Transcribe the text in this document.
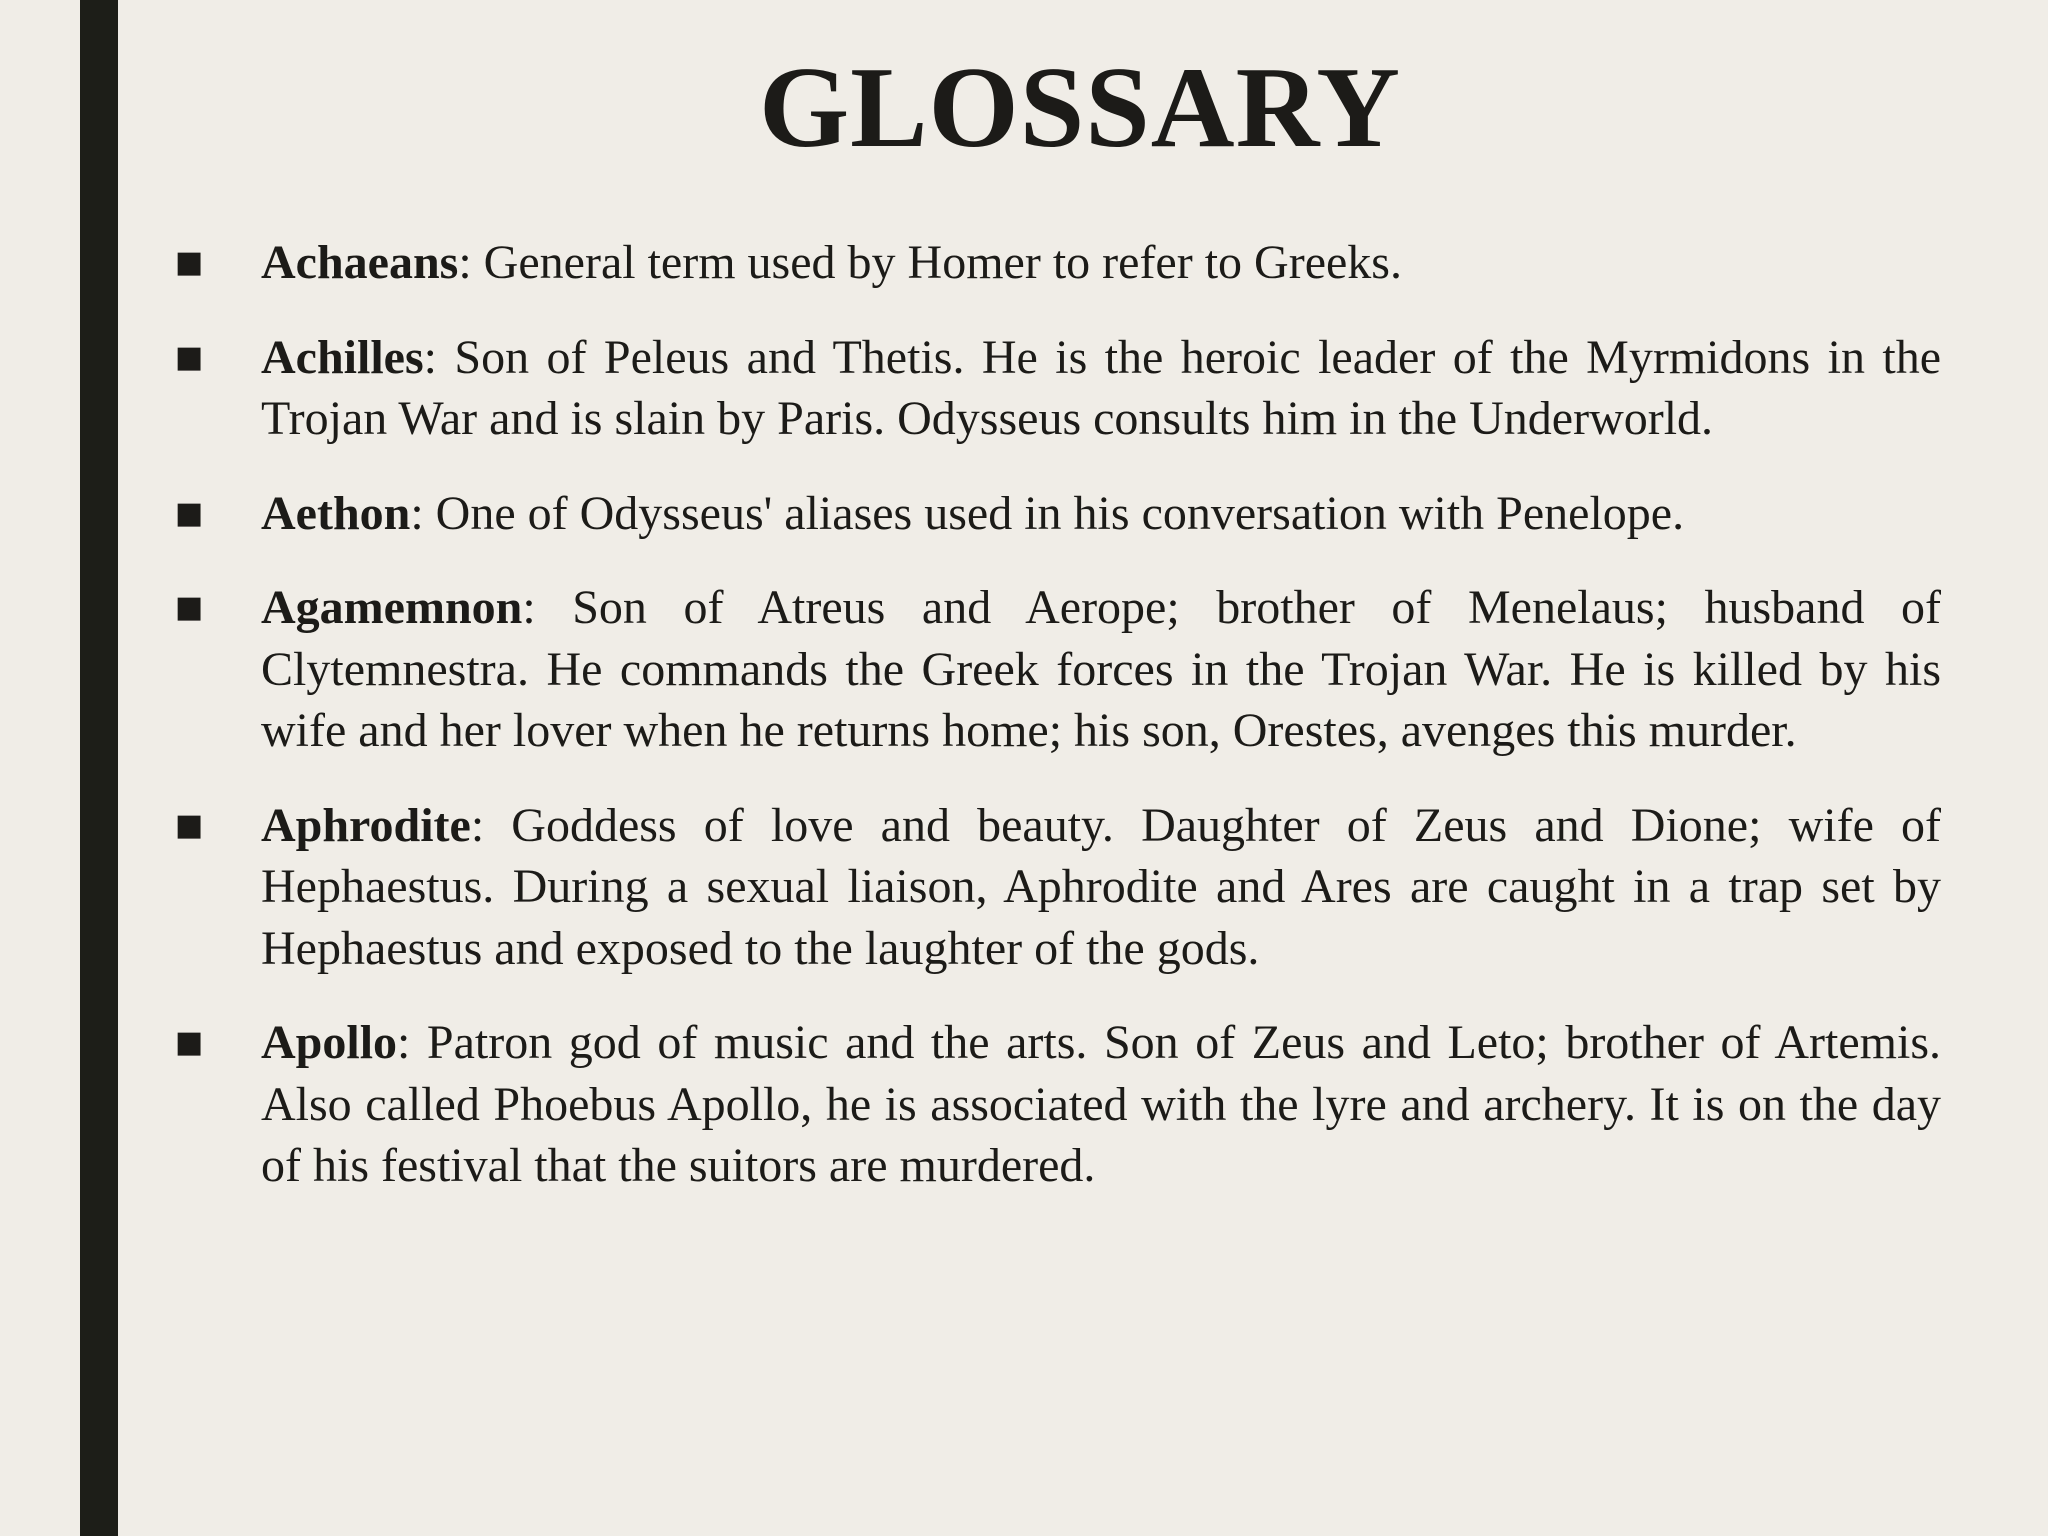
GLOSSARY
■ Achaeans: General term used by Homer to refer to Greeks.
■ Achilles: Son of Peleus and Thetis. He is the heroic leader of the Myrmidons in the Trojan War and is slain by Paris. Odysseus consults him in the Underworld.
■ Aethon: One of Odysseus' aliases used in his conversation with Penelope.
■ Agamemnon: Son of Atreus and Aerope; brother of Menelaus; husband of Clytemnestra. He commands the Greek forces in the Trojan War. He is killed by his wife and her lover when he returns home; his son, Orestes, avenges this murder.
■ Aphrodite: Goddess of love and beauty. Daughter of Zeus and Dione; wife of Hephaestus. During a sexual liaison, Aphrodite and Ares are caught in a trap set by Hephaestus and exposed to the laughter of the gods.
■ Apollo: Patron god of music and the arts. Son of Zeus and Leto; brother of Artemis. Also called Phoebus Apollo, he is associated with the lyre and archery. It is on the day of his festival that the suitors are murdered.
